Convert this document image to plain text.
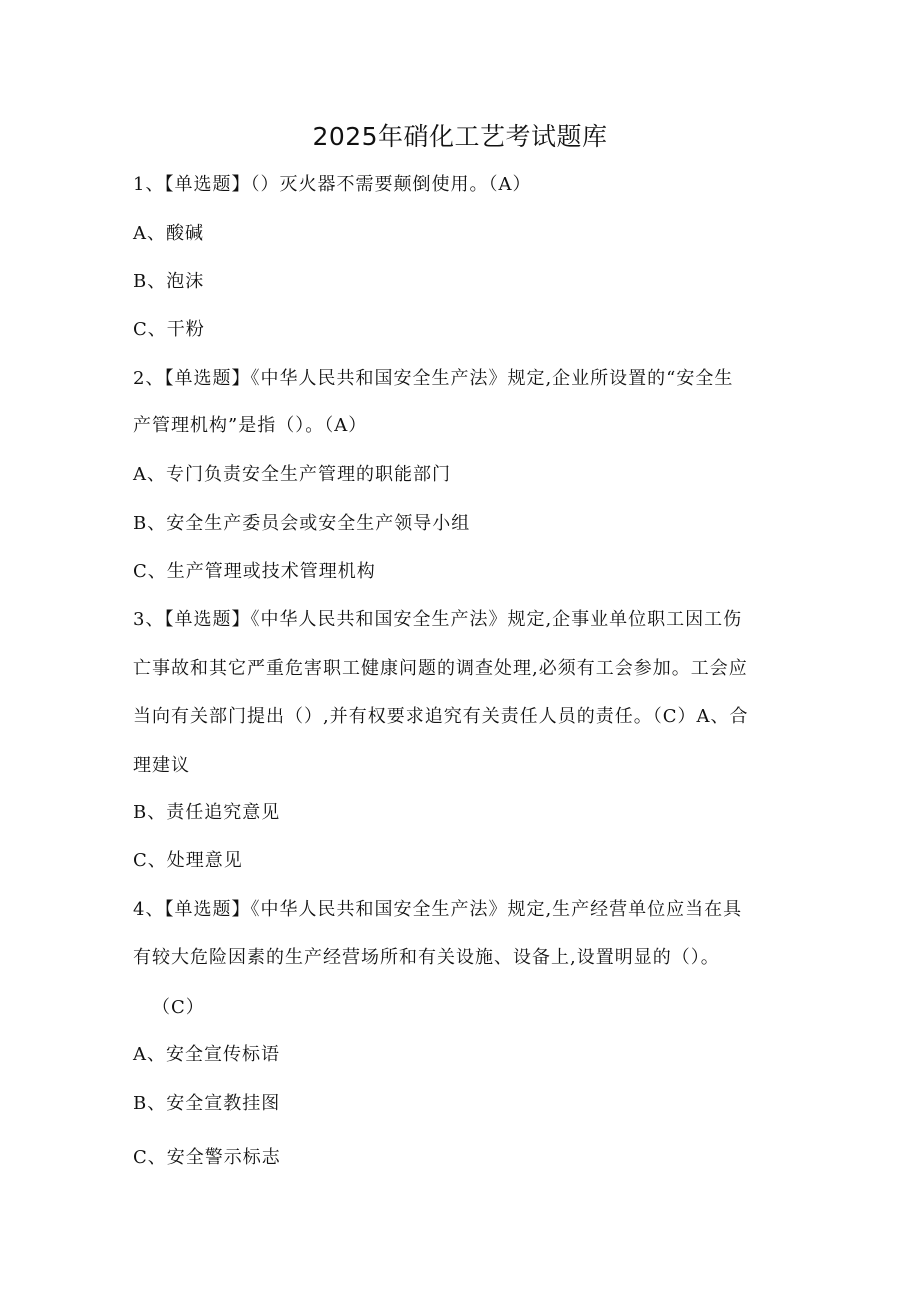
2025年硝化工艺考试题库
1、【单选题】（）灭火器不需要颠倒使用。（A）
A、酸碱
B、泡沫
C、干粉
2、【单选题】《中华人民共和国安全生产法》规定,企业所设置的“安全生
产管理机构”是指（）。（A）
A、专门负责安全生产管理的职能部门
B、安全生产委员会或安全生产领导小组
C、生产管理或技术管理机构
3、【单选题】《中华人民共和国安全生产法》规定,企事业单位职工因工伤
亡事故和其它严重危害职工健康问题的调查处理,必须有工会参加。工会应
当向有关部门提出（）,并有权要求追究有关责任人员的责任。（C）A、合
理建议
B、责任追究意见
C、处理意见
4、【单选题】《中华人民共和国安全生产法》规定,生产经营单位应当在具
有较大危险因素的生产经营场所和有关设施、设备上,设置明显的（）。
（C）
A、安全宣传标语
B、安全宣教挂图
C、安全警示标志
